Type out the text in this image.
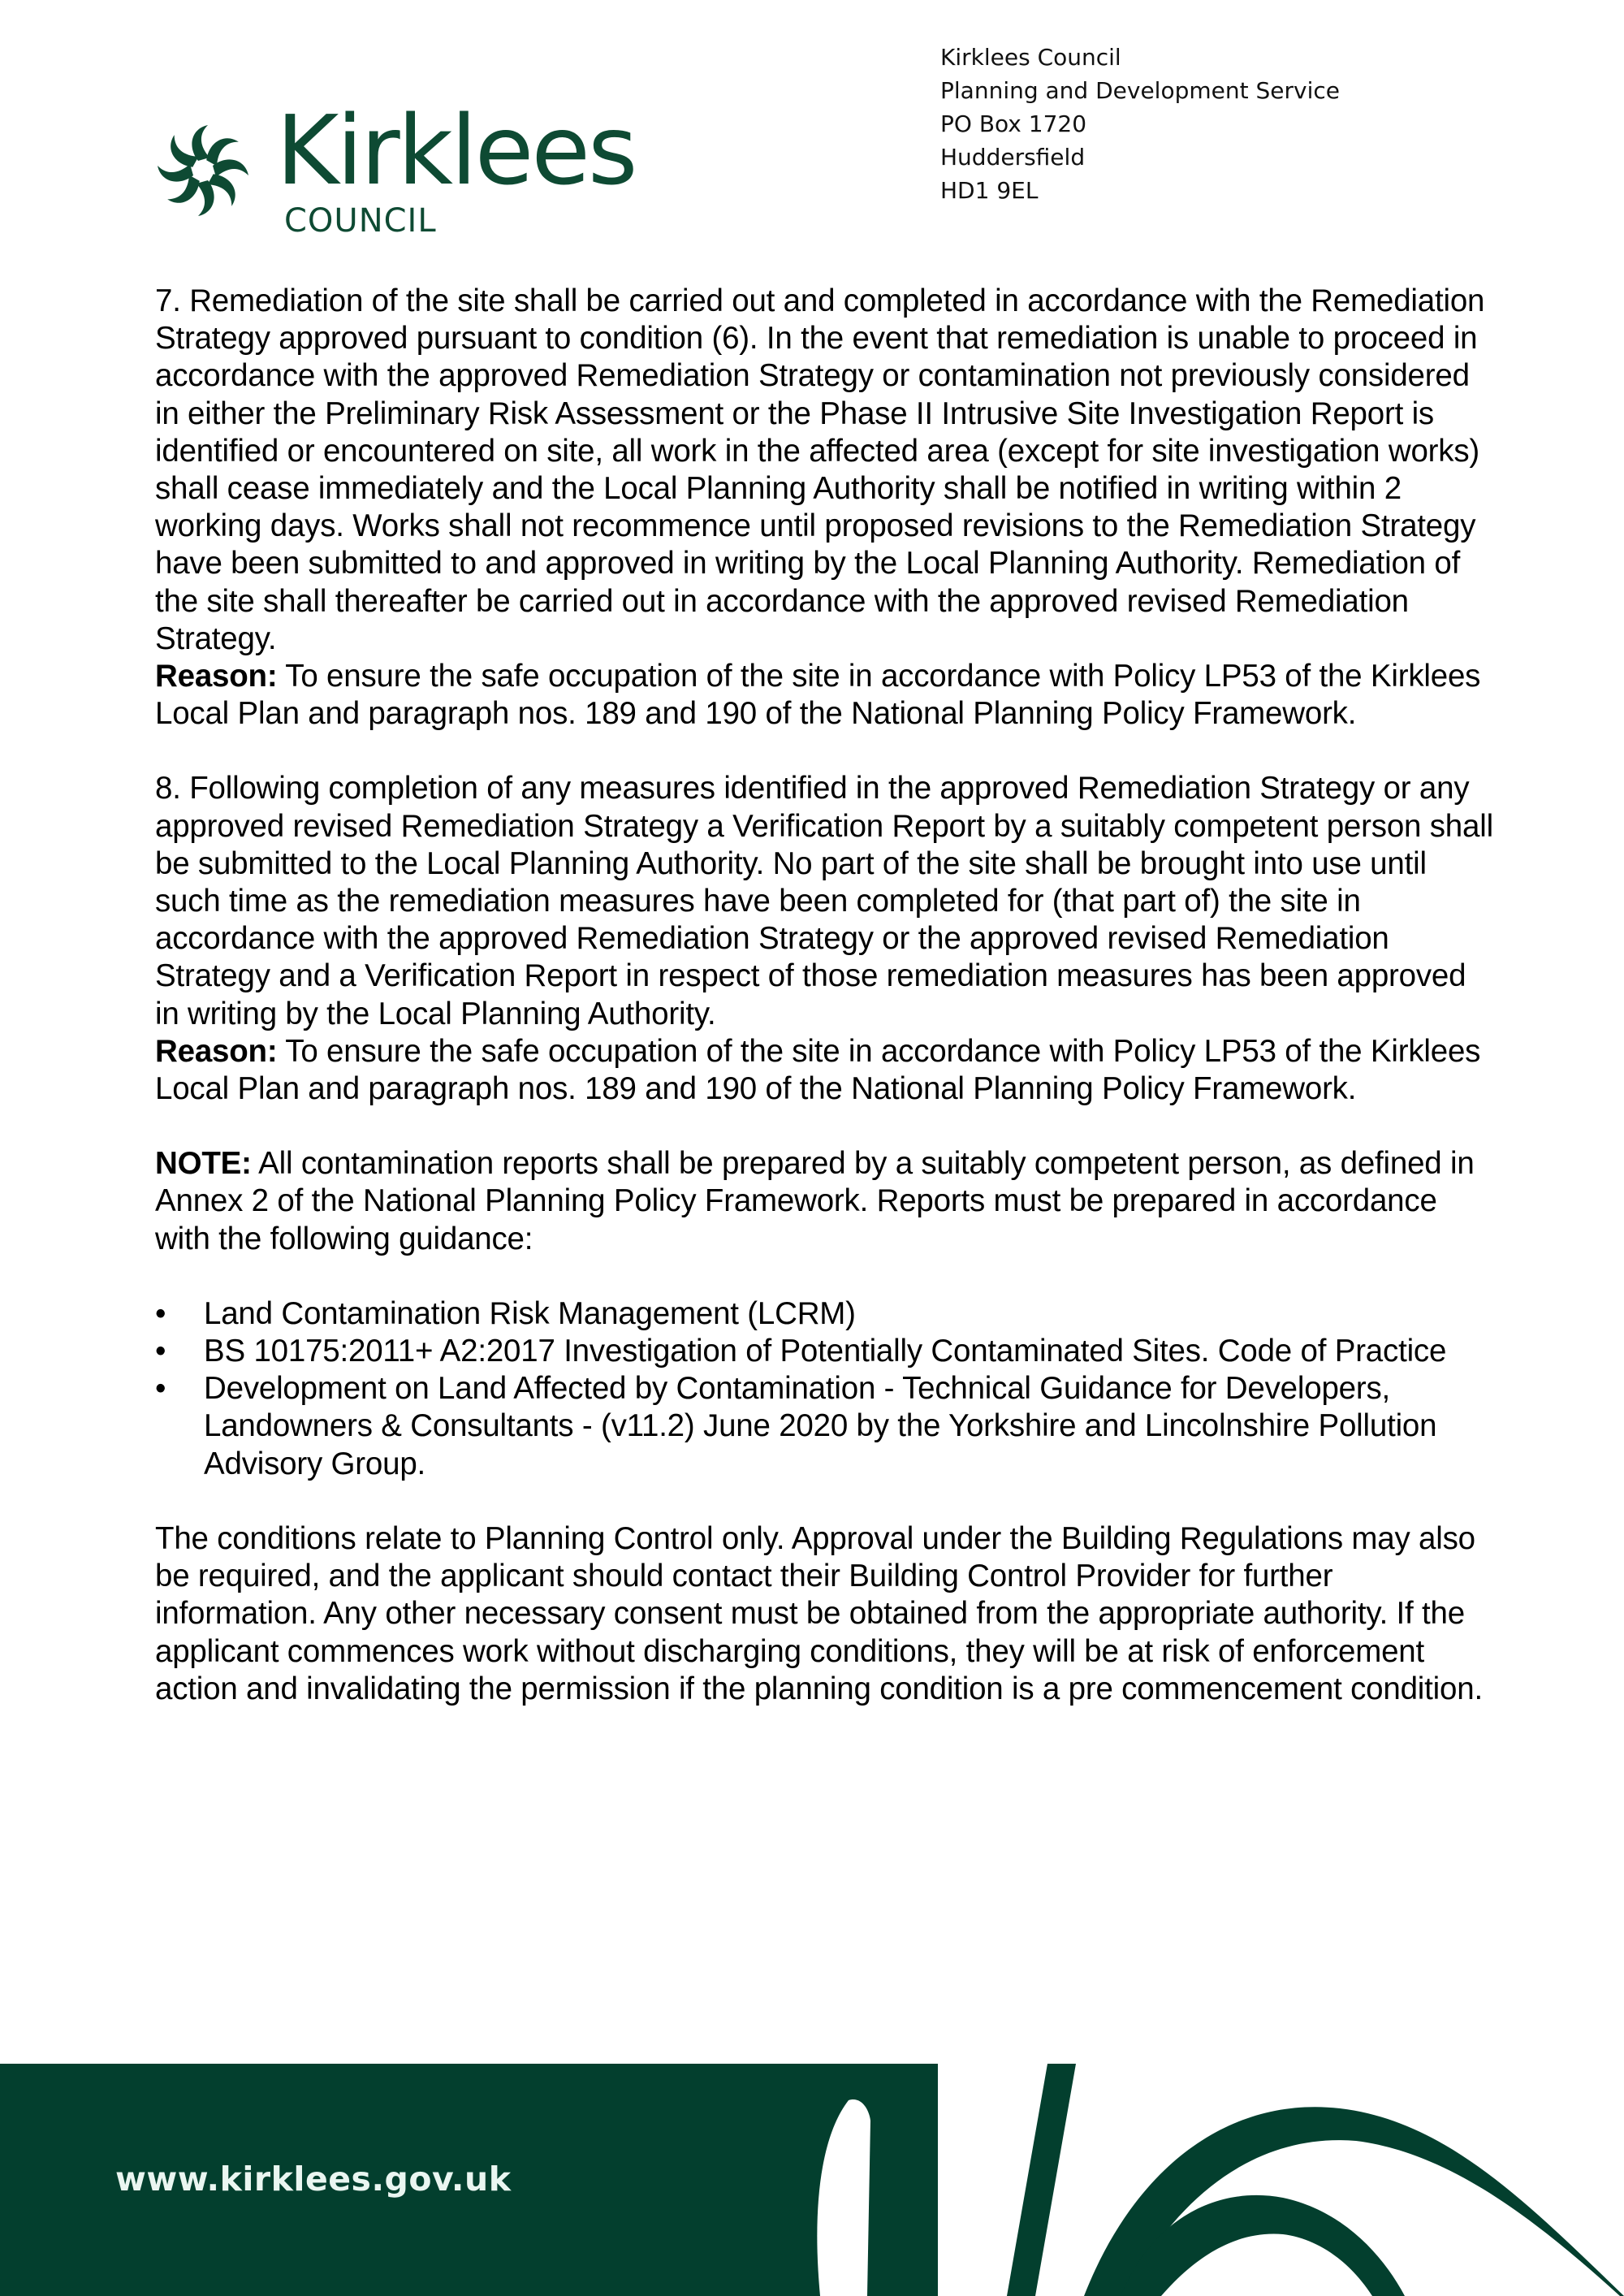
Kirklees
COUNCIL
Kirklees Council
Planning and Development Service
PO Box 1720
Huddersfield
HD1 9EL

7. Remediation of the site shall be carried out and completed in accordance with the Remediation Strategy approved pursuant to condition (6). In the event that remediation is unable to proceed in accordance with the approved Remediation Strategy or contamination not previously considered in either the Preliminary Risk Assessment or the Phase II Intrusive Site Investigation Report is identified or encountered on site, all work in the affected area (except for site investigation works) shall cease immediately and the Local Planning Authority shall be notified in writing within 2 working days. Works shall not recommence until proposed revisions to the Remediation Strategy have been submitted to and approved in writing by the Local Planning Authority. Remediation of the site shall thereafter be carried out in accordance with the approved revised Remediation Strategy.

Reason: To ensure the safe occupation of the site in accordance with Policy LP53 of the Kirklees Local Plan and paragraph nos. 189 and 190 of the National Planning Policy Framework.

8. Following completion of any measures identified in the approved Remediation Strategy or any approved revised Remediation Strategy a Verification Report by a suitably competent person shall be submitted to the Local Planning Authority. No part of the site shall be brought into use until such time as the remediation measures have been completed for (that part of) the site in accordance with the approved Remediation Strategy or the approved revised Remediation Strategy and a Verification Report in respect of those remediation measures has been approved in writing by the Local Planning Authority.

Reason: To ensure the safe occupation of the site in accordance with Policy LP53 of the Kirklees Local Plan and paragraph nos. 189 and 190 of the National Planning Policy Framework.

NOTE: All contamination reports shall be prepared by a suitably competent person, as defined in Annex 2 of the National Planning Policy Framework. Reports must be prepared in accordance with the following guidance:

•	Land Contamination Risk Management (LCRM)
•	BS 10175:2011+ A2:2017 Investigation of Potentially Contaminated Sites. Code of Practice
•	Development on Land Affected by Contamination - Technical Guidance for Developers, Landowners & Consultants - (v11.2) June 2020 by the Yorkshire and Lincolnshire Pollution Advisory Group.

The conditions relate to Planning Control only. Approval under the Building Regulations may also be required, and the applicant should contact their Building Control Provider for further information. Any other necessary consent must be obtained from the appropriate authority. If the applicant commences work without discharging conditions, they will be at risk of enforcement action and invalidating the permission if the planning condition is a pre commencement condition.

www.kirklees.gov.uk
